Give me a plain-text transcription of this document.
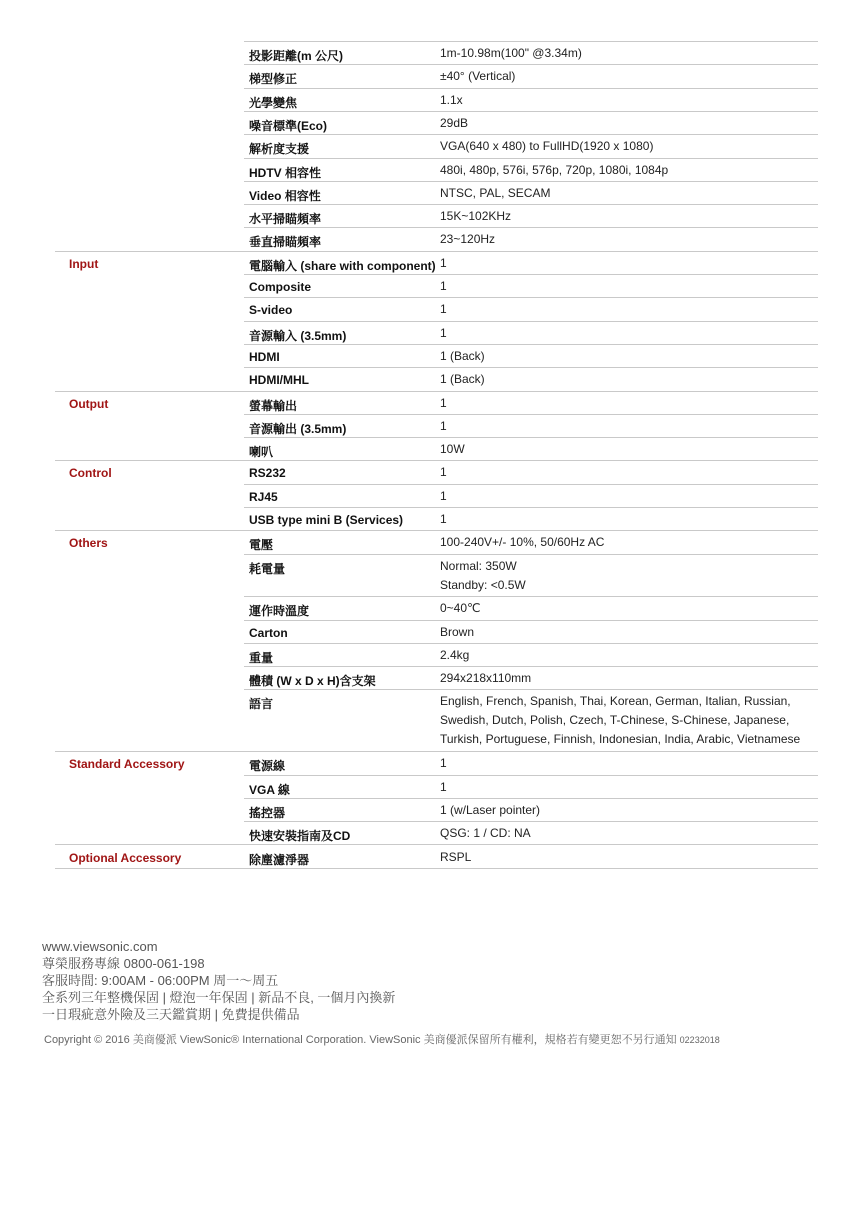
投影距離(m 公尺)	1m-10.98m(100" @3.34m)
梯型修正	±40° (Vertical)
光學變焦	1.1x
噪音標準(Eco)	29dB
解析度支援	VGA(640 x 480) to FullHD(1920 x 1080)
HDTV 相容性	480i, 480p, 576i, 576p, 720p, 1080i, 1084p
Video 相容性	NTSC, PAL, SECAM
水平掃瞄頻率	15K~102KHz
垂直掃瞄頻率	23~120Hz
Input	電腦輸入 (share with component) 1
Composite	1
S-video	1
音源輸入 (3.5mm)	1
HDMI	1 (Back)
HDMI/MHL	1 (Back)
Output	螢幕輸出	1
音源輸出 (3.5mm)	1
喇叭	10W
Control	RS232	1
RJ45	1
USB type mini B (Services)	1
Others	電壓	100-240V+/- 10%, 50/60Hz AC
耗電量	Normal: 350W
Standby: <0.5W
運作時溫度	0~40℃
Carton	Brown
重量	2.4kg
體積 (W x D x H)含支架	294x218x110mm
語言	English, French, Spanish, Thai, Korean, German, Italian, Russian,
Swedish, Dutch, Polish, Czech, T-Chinese, S-Chinese, Japanese,
Turkish, Portuguese, Finnish, Indonesian, India, Arabic, Vietnamese
Standard Accessory	電源線	1
VGA 線	1
搖控器	1 (w/Laser pointer)
快速安裝指南及CD	QSG: 1 / CD: NA
Optional Accessory	除塵濾淨器	RSPL
www.viewsonic.com
尊榮服務專線 0800-061-198
客服時間: 9:00AM - 06:00PM 周一～周五
全系列三年整機保固 | 燈泡一年保固 | 新品不良, 一個月內換新
一日瑕疵意外險及三天鑑賞期 | 免費提供備品
Copyright © 2016 美商優派 ViewSonic® International Corporation. ViewSonic 美商優派保留所有權利，規格若有變更恕不另行通知 02232018
